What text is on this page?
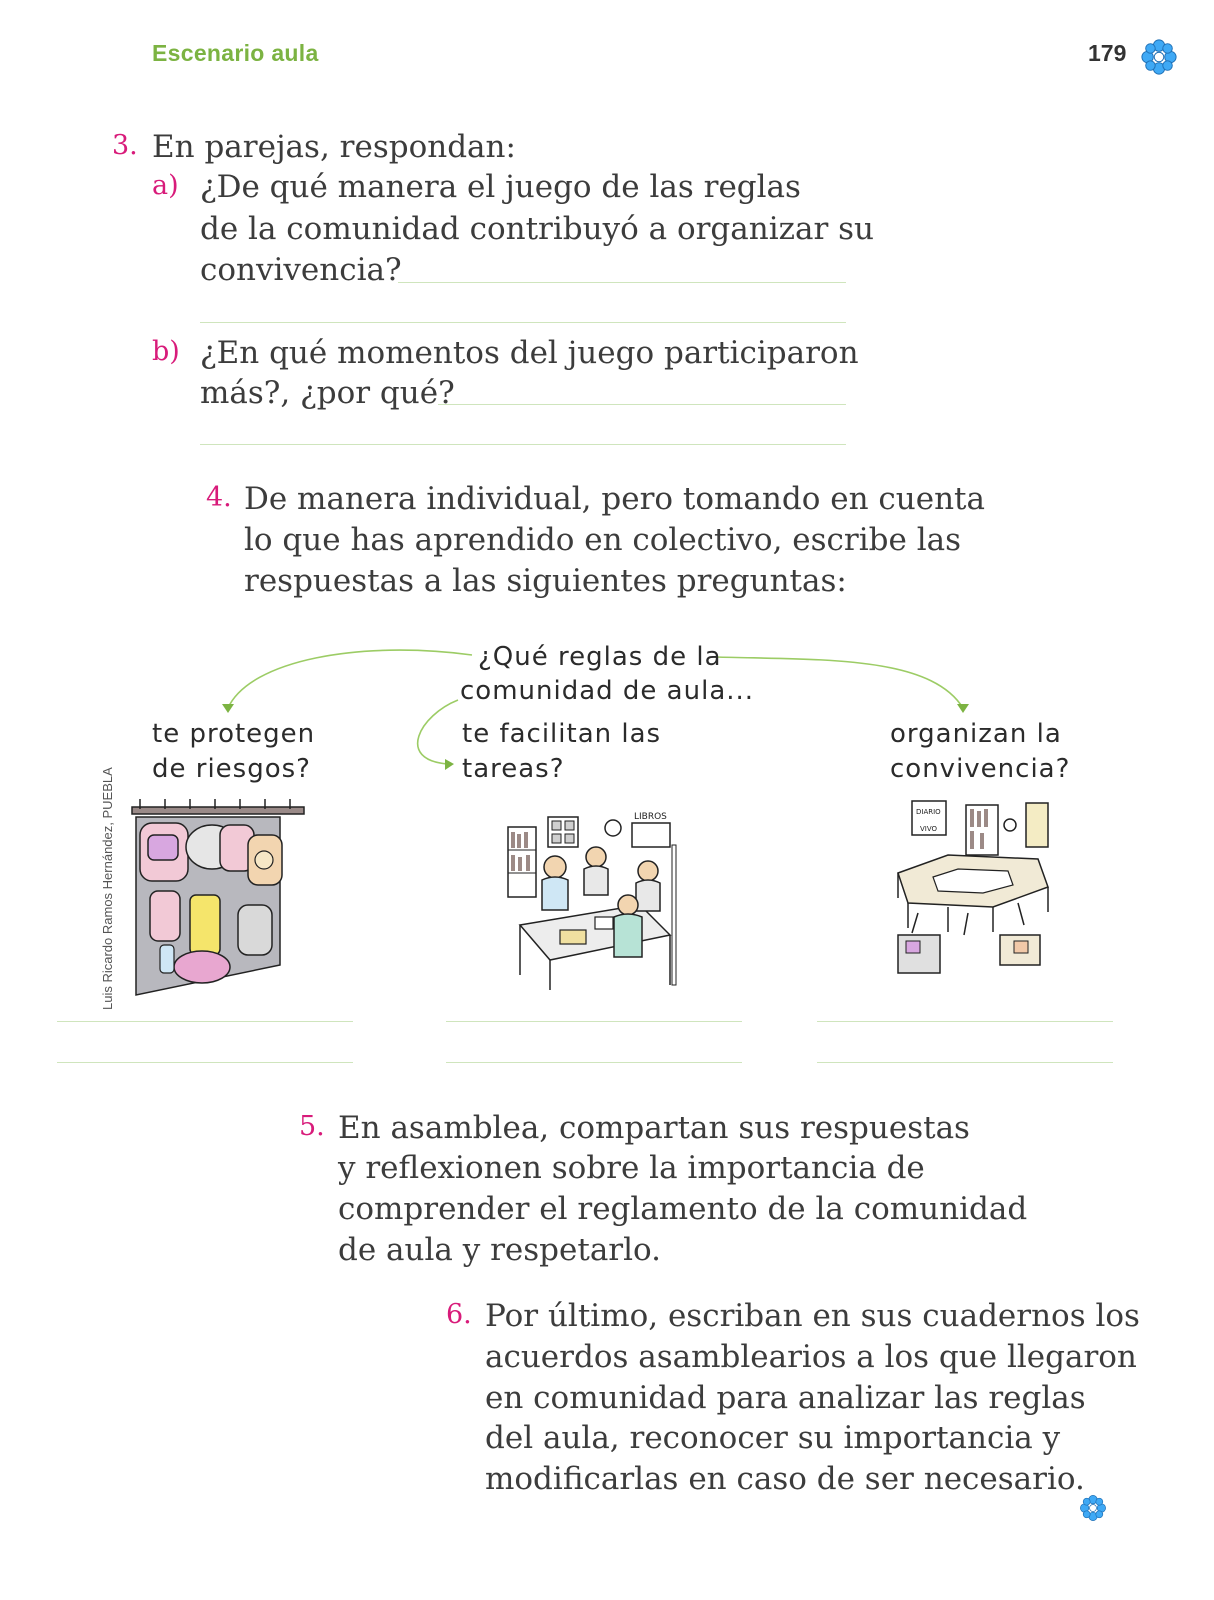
Escenario aula	179
3. En parejas, respondan:
a) ¿De qué manera el juego de las reglas
de la comunidad contribuyó a organizar su
convivencia?
b) ¿En qué momentos del juego participaron
más?, ¿por qué?
4. De manera individual, pero tomando en cuenta
lo que has aprendido en colectivo, escribe las
respuestas a las siguientes preguntas:
¿Qué reglas de la
comunidad de aula...
te protegen
de riesgos?
te facilitan las
tareas?
organizan la
convivencia?
Luis Ricardo Ramos Hernández, PUEBLA	LIBROS	DIARIO
VIVO
5. En asamblea, compartan sus respuestas
y reflexionen sobre la importancia de
comprender el reglamento de la comunidad
de aula y respetarlo.
6. Por último, escriban en sus cuadernos los
acuerdos asamblearios a los que llegaron
en comunidad para analizar las reglas
del aula, reconocer su importancia y
modificarlas en caso de ser necesario.
